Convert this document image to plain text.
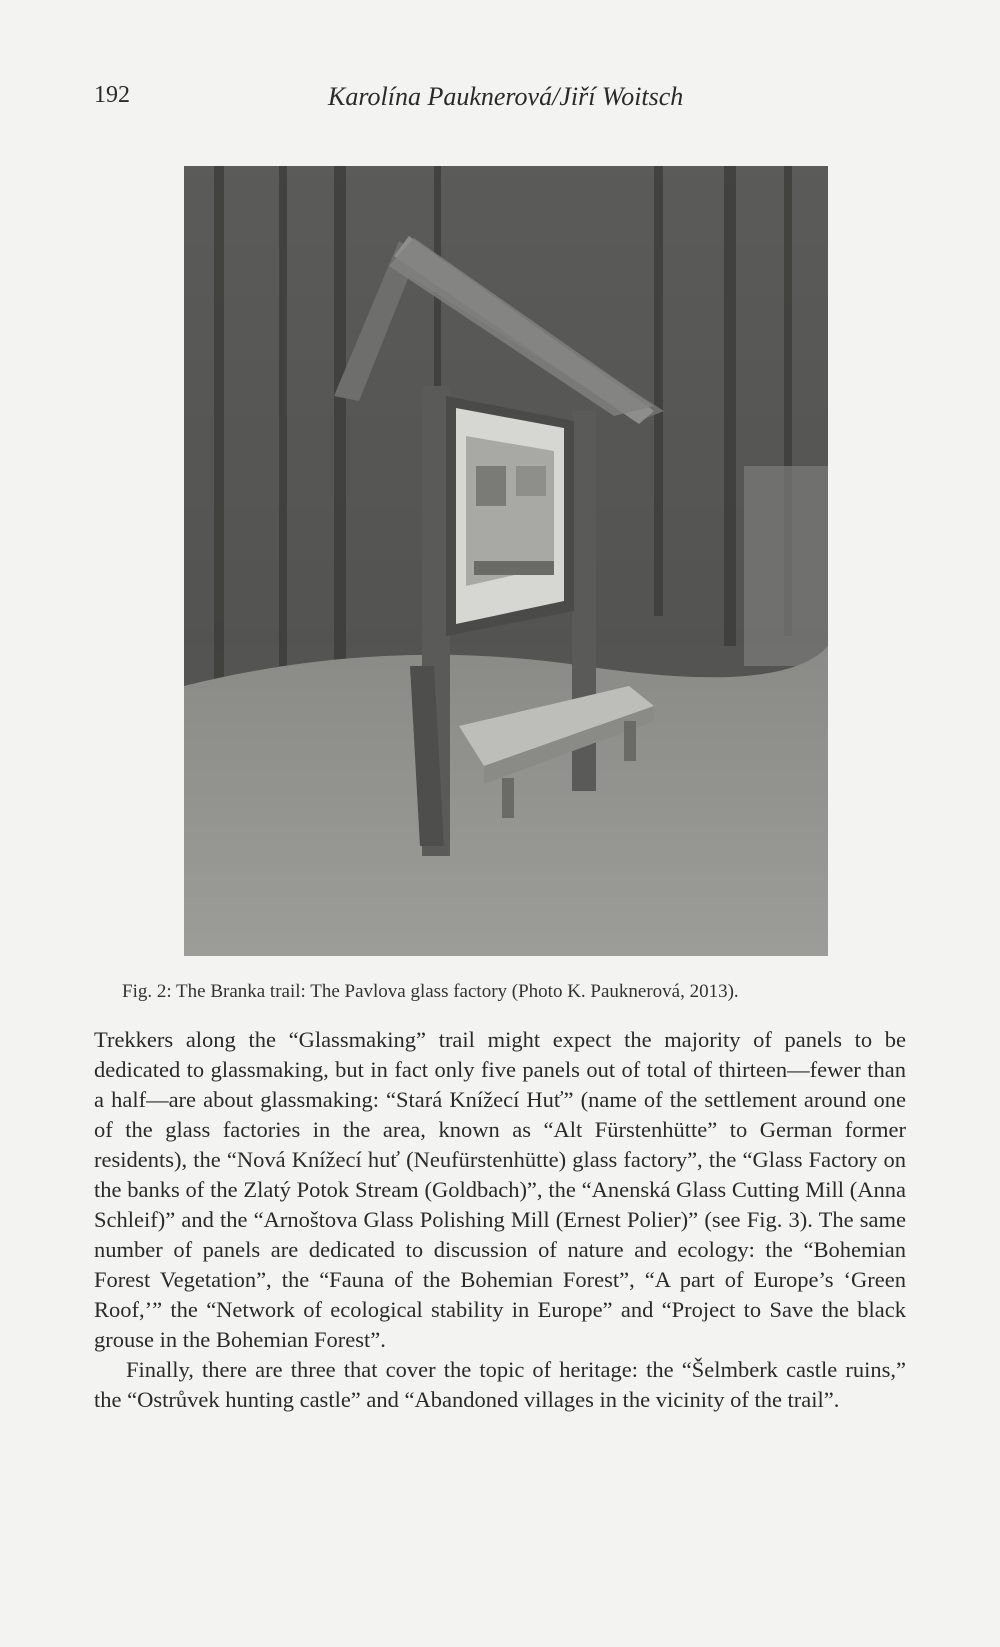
192	Karolína Pauknerová/Jiří Woitsch
Fig. 2: The Branka trail: The Pavlova glass factory (Photo K. Pauknerová, 2013).

Trekkers along the “Glassmaking” trail might expect the majority of panels to be dedicated to glassmaking, but in fact only five panels out of total of thirteen—fewer than a half—are about glassmaking: “Stará Knížecí Huť” (name of the settlement around one of the glass factories in the area, known as “Alt Fürstenhütte” to German former residents), the “Nová Knížecí huť (Neufürstenhütte) glass factory”, the “Glass Factory on the banks of the Zlatý Potok Stream (Goldbach)”, the “Anenská Glass Cutting Mill (Anna Schleif)” and the “Arnoštova Glass Polishing Mill (Ernest Polier)” (see Fig. 3). The same number of panels are dedicated to discussion of nature and ecology: the “Bohemian Forest Vegetation”, the “Fauna of the Bohemian Forest”, “A part of Europe’s ‘Green Roof,’” the “Network of ecological stability in Europe” and “Project to Save the black grouse in the Bohemian Forest”.

Finally, there are three that cover the topic of heritage: the “Šelmberk castle ruins,” the “Ostrůvek hunting castle” and “Abandoned villages in the vicinity of the trail”.
